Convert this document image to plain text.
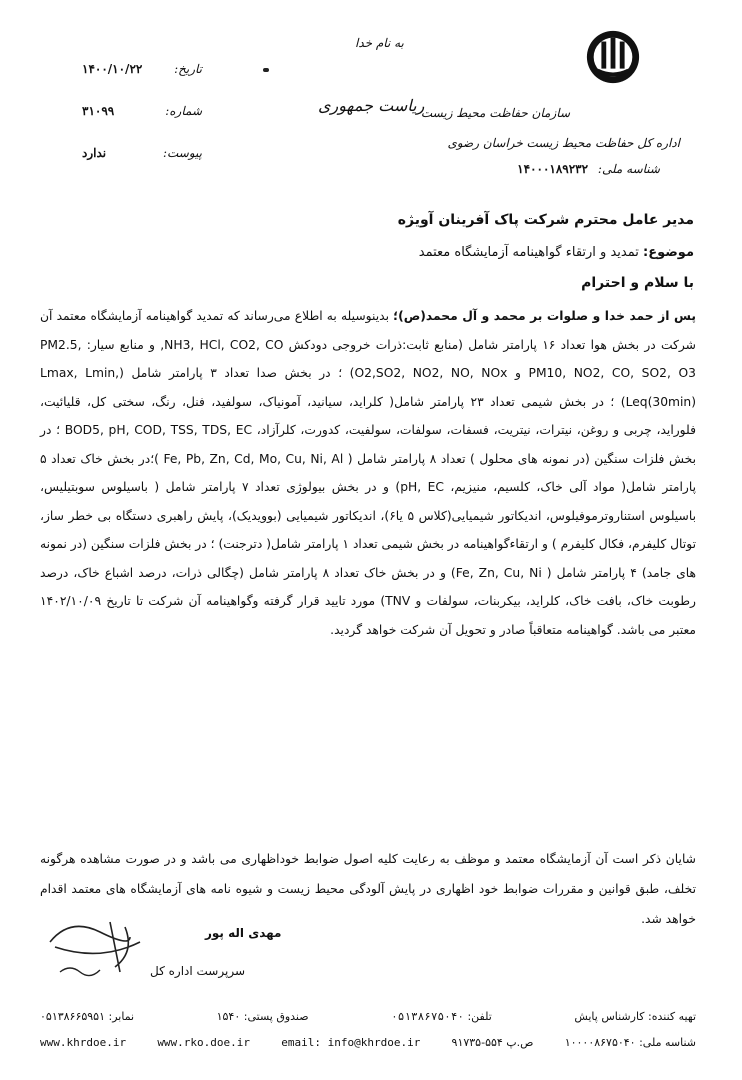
به نام خدا
ریاست جمهوری
سازمان حفاظت محیط زیست
اداره کل حفاظت محیط زیست خراسان رضوی
شناسه ملی: ۱۴۰۰۰۱۸۹۲۳۲
تاریخ:
۱۴۰۰/۱۰/۲۲
شماره:
۳۱۰۹۹
پیوست:
ندارد
مدیر عامل محترم شرکت پاک آفرینان آویژه
موضوع: تمدید و ارتقاء گواهینامه آزمایشگاه معتمد
با سلام و احترام
پس از حمد خدا و صلوات بر محمد و آل محمد(ص)؛ بدینوسیله به اطلاع می‌رساند که تمدید گواهینامه آزمایشگاه معتمد آن شرکت در بخش هوا تعداد ۱۶ پارامتر شامل (منابع ثابت:ذرات خروجی دودکش NH3, HCl, CO2, CO, و منابع سیار: PM2.5, PM10, NO2, CO, SO2, O3 و O2,SO2, NO2, NO, NOx) ؛ در بخش صدا تعداد ۳ پارامتر شامل (Lmax, Lmin, Leq(30min)) ؛ در بخش شیمی تعداد ۲۳ پارامتر شامل( کلراید، سیانید، آمونیاک، سولفید، فنل، رنگ، سختی کل، قلیائیت، فلوراید، چربی و روغن، نیترات، نیتریت، فسفات، سولفات، سولفیت، کدورت، کلرآزاد، BOD5, pH, COD, TSS, TDS, EC ؛ در بخش فلزات سنگین (در نمونه های محلول ) تعداد ۸ پارامتر شامل ( Fe, Pb, Zn, Cd, Mo, Cu, Ni, Al )؛در بخش خاک تعداد ۵ پارامتر شامل( مواد آلی خاک، کلسیم، منیزیم، pH, EC) و در بخش بیولوژی تعداد ۷ پارامتر شامل ( باسیلوس سوبتیلیس، باسیلوس استناروترموفیلوس، اندیکاتور شیمیایی(کلاس ۵ یا۶)، اندیکاتور شیمیایی (بوویدیک)، پایش راهبری دستگاه بی خطر ساز، توتال کلیفرم، فکال کلیفرم ) و ارتقاءگواهینامه در بخش شیمی تعداد ۱ پارامتر شامل( دترجنت) ؛ در بخش فلزات سنگین (در نمونه های جامد) ۴ پارامتر شامل ( Fe, Zn, Cu, Ni) و در بخش خاک تعداد ۸ پارامتر شامل (چگالی ذرات، درصد اشباع خاک، درصد رطوبت خاک، بافت خاک، کلراید، بیکربنات، سولفات و TNV) مورد تایید قرار گرفته وگواهینامه آن شرکت تا تاریخ ۱۴۰۲/۱۰/۰۹ معتبر می باشد. گواهینامه متعاقباً صادر و تحویل آن شرکت خواهد گردید.
شایان ذکر است آن آزمایشگاه معتمد و موظف به رعایت کلیه اصول ضوابط خوداظهاری می باشد و در صورت مشاهده هرگونه تخلف، طبق قوانین و مقررات ضوابط خود اظهاری در پایش آلودگی محیط زیست و شیوه نامه های آزمایشگاه های معتمد اقدام خواهد شد.
مهدی اله پور
سرپرست اداره کل
تهیه کننده: کارشناس پایش
تلفن: ۰۵۱۳۸۶۷۵۰۴۰
صندوق پستی: ۱۵۴۰
نمابر: ۰۵۱۳۸۶۶۵۹۵۱
شناسه ملی: ۱۰۰۰۰۸۶۷۵۰۴۰
ص.پ ۵۵۴-۹۱۷۳۵
email: info@khrdoe.ir
www.rko.doe.ir
www.khrdoe.ir
